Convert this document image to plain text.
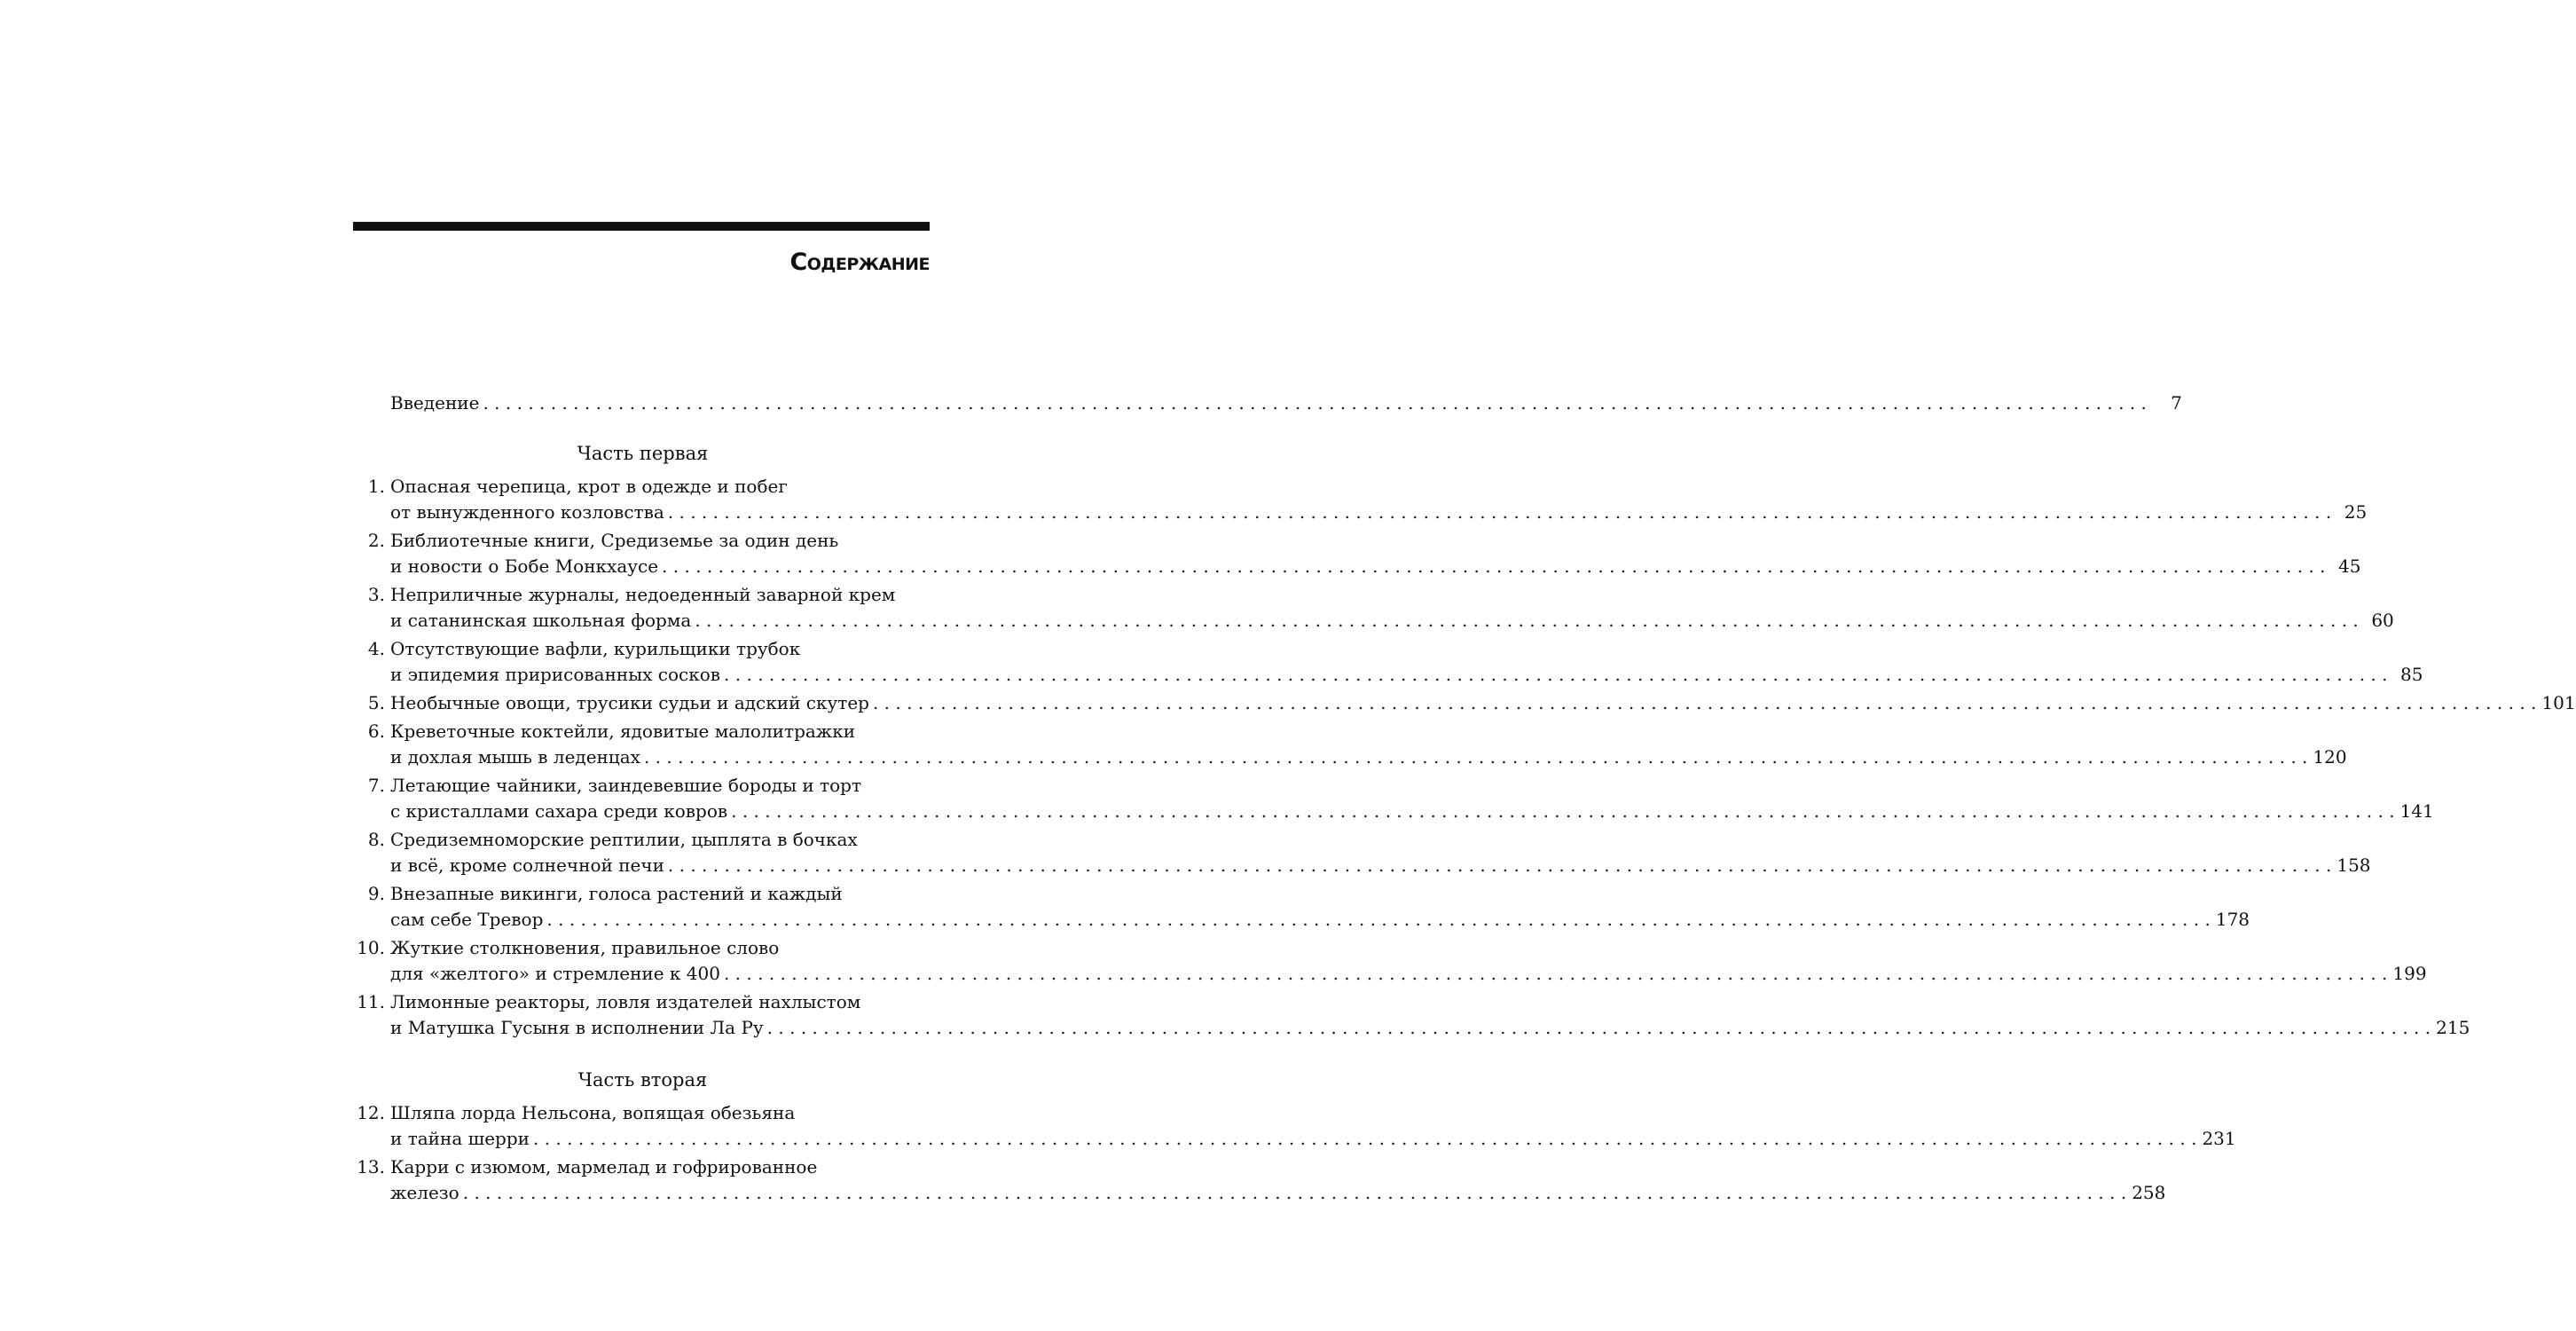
Содержание
Введение . . .	7
Часть первая
1. Опасная черепица, крот в одежде и побег
от вынужденного козловства . . .	25
2. Библиотечные книги, Средиземье за один день
и новости о Бобе Монкхаусе . . .	45
3. Неприличные журналы, недоеденный заварной крем
и сатанинская школьная форма . . .	60
4. Отсутствующие вафли, курильщики трубок
и эпидемия пририсованных сосков . . .	85
5. Необычные овощи, трусики судьи и адский скутер . . .	101
6. Креветочные коктейли, ядовитые малолитражки
и дохлая мышь в леденцах . . .	120
7. Летающие чайники, заиндевевшие бороды и торт
с кристаллами сахара среди ковров . . .	141
8. Средиземноморские рептилии, цыплята в бочках
и всё, кроме солнечной печи . . .	158
9. Внезапные викинги, голоса растений и каждый
сам себе Тревор . . .	178
10. Жуткие столкновения, правильное слово
для «желтого» и стремление к 400 . . .	199
11. Лимонные реакторы, ловля издателей нахлыстом
и Матушка Гусыня в исполнении Ла Ру . . .	215
Часть вторая
12. Шляпа лорда Нельсона, вопящая обезьяна
и тайна шерри . . .	231
13. Карри с изюмом, мармелад и гофрированное
железо . . .	258
